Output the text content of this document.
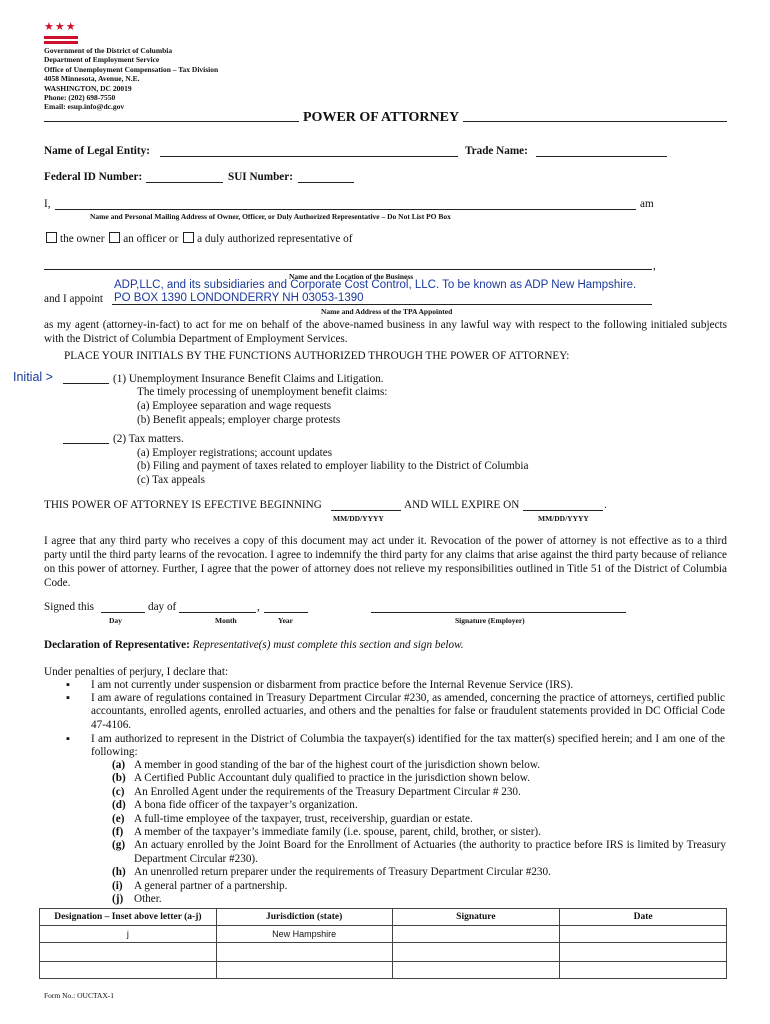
★★★
Government of the District of Columbia
Department of Employment Service
Office of Unemployment Compensation – Tax Division
4058 Minnesota, Avenue, N.E.
WASHINGTON, DC 20019
Phone: (202) 698-7550
Email: esup.info@dc.gov
POWER OF ATTORNEY
Name of Legal Entity:	Trade Name:
Federal ID Number:	SUI Number:
I,	am
Name and Personal Mailing Address of Owner, Officer, or Duly Authorized Representative – Do Not List PO Box
the owner an officer or a duly authorized representative of
,
Name and the Location of the Business
ADP,LLC, and its subsidiaries and Corporate Cost Control, LLC. To be known as ADP New Hampshire.
and I appoint PO BOX 1390 LONDONDERRY NH 03053-1390
Name and Address of the TPA Appointed

as my agent (attorney-in-fact) to act for me on behalf of the above-named business in any lawful way with respect to the following initialed subjects with the District of Columbia Department of Employment Services.

PLACE YOUR INITIALS BY THE FUNCTIONS AUTHORIZED THROUGH THE POWER OF ATTORNEY:
Initial >	(1) Unemployment Insurance Benefit Claims and Litigation.
The timely processing of unemployment benefit claims:
(a) Employee separation and wage requests
(b) Benefit appeals; employer charge protests
(2) Tax matters.
(a) Employer registrations; account updates
(b) Filing and payment of taxes related to employer liability to the District of Columbia
(c) Tax appeals
THIS POWER OF ATTORNEY IS EFECTIVE BEGINNING	AND WILL EXPIRE ON	.
MM/DD/YYYY	MM/DD/YYYY

I agree that any third party who receives a copy of this document may act under it. Revocation of the power of attorney is not effective as to a third party until the third party learns of the revocation. I agree to indemnify the third party for any claims that arise against the third party because of reliance on this power of attorney. Further, I agree that the power of attorney does not relieve my responsibilities outlined in Title 51 of the District of Columbia Code.

Signed this	day of	,
Day	Month	Year	Signature (Employer)
Declaration of Representative: Representative(s) must complete this section and sign below.
Under penalties of perjury, I declare that:
▪ I am not currently under suspension or disbarment from practice before the Internal Revenue Service (IRS).
▪ I am aware of regulations contained in Treasury Department Circular #230, as amended, concerning the practice of attorneys, certified public accountants, enrolled agents, enrolled actuaries, and others and the penalties for false or fraudulent statements provided in DC Official Code 47-4106.

▪ I am authorized to represent in the District of Columbia the taxpayer(s) identified for the tax matter(s) specified herein; and I am one of the following:

(a) A member in good standing of the bar of the highest court of the jurisdiction shown below.
(b) A Certified Public Accountant duly qualified to practice in the jurisdiction shown below.
(c) An Enrolled Agent under the requirements of the Treasury Department Circular # 230.
(d) A bona fide officer of the taxpayer’s organization.
(e) A full-time employee of the taxpayer, trust, receivership, guardian or estate.
(f) A member of the taxpayer’s immediate family (i.e. spouse, parent, child, brother, or sister).
(g) An actuary enrolled by the Joint Board for the Enrollment of Actuaries (the authority to practice before IRS is limited by Treasury Department Circular #230).
(h) An unenrolled return preparer under the requirements of Treasury Department Circular #230.
(i)	A general partner of a partnership.
(j) Other.
Designation – Inset above letter (a-j)	Jurisdiction (state)	Signature	Date
j	New Hampshire		

Form No.: OUCTAX-1
